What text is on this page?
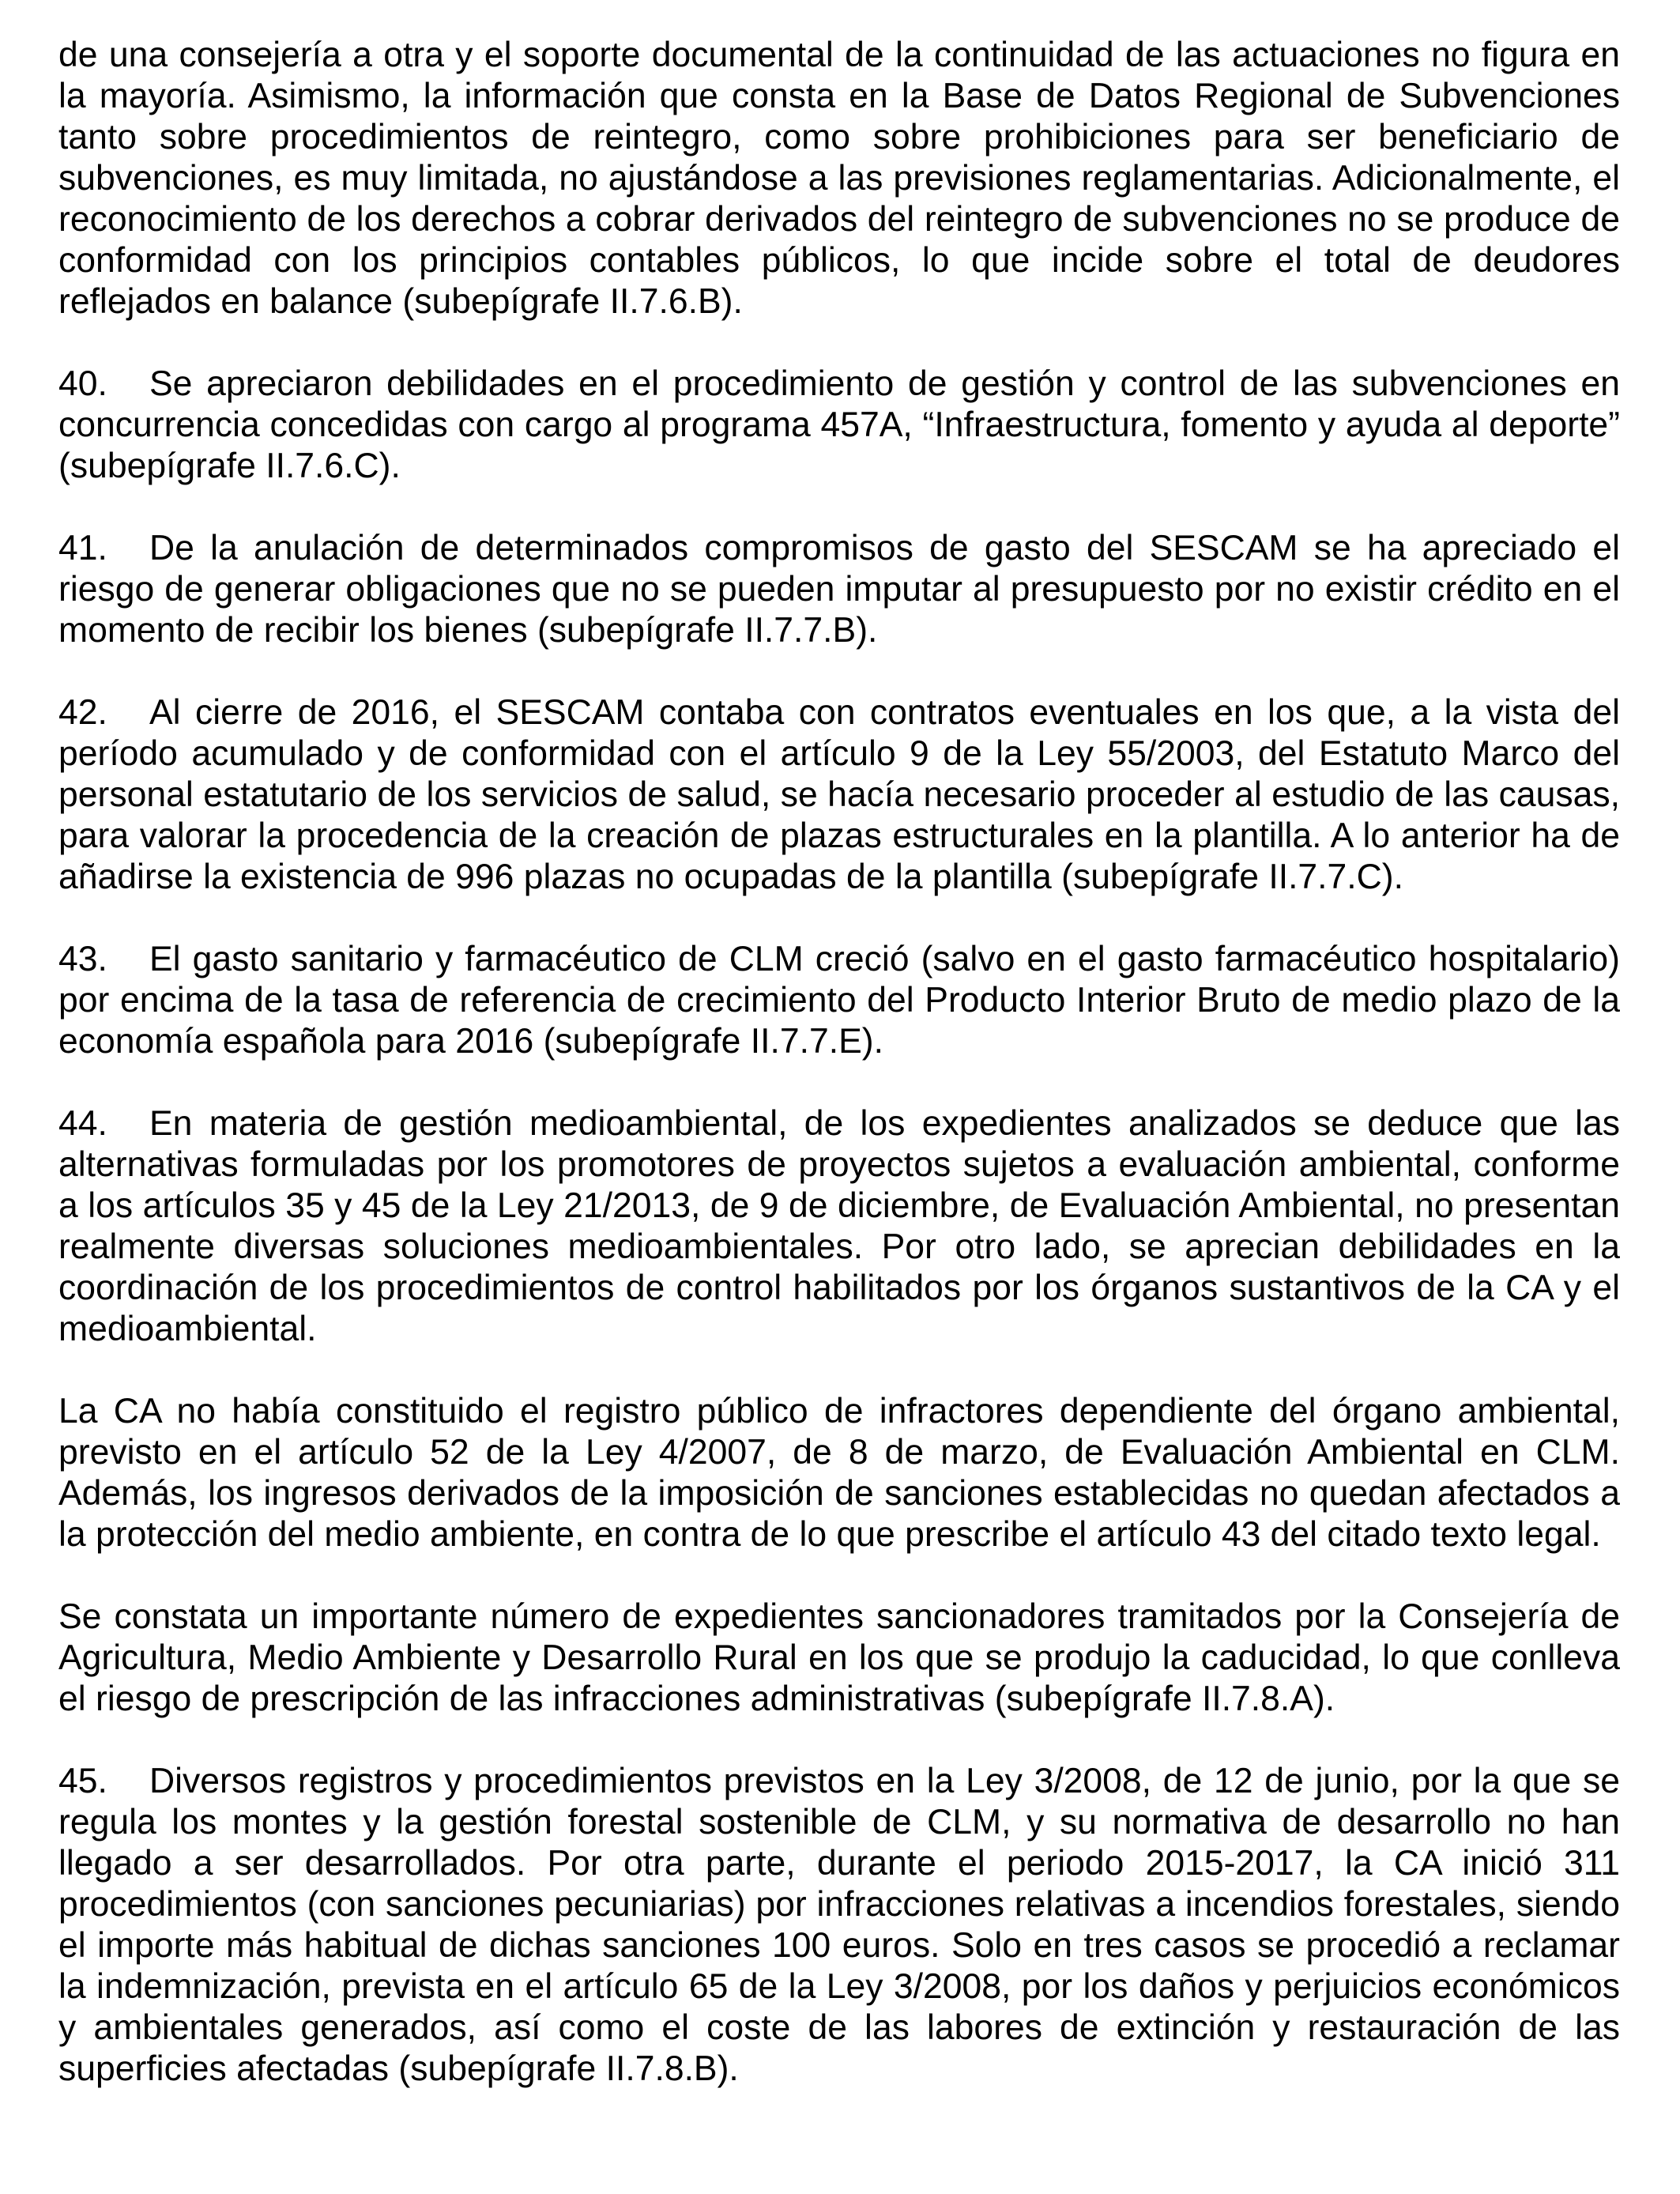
de una consejería a otra y el soporte documental de la continuidad de las actuaciones no figura en la mayoría. Asimismo, la información que consta en la Base de Datos Regional de Subvenciones tanto sobre procedimientos de reintegro, como sobre prohibiciones para ser beneficiario de subvenciones, es muy limitada, no ajustándose a las previsiones reglamentarias. Adicionalmente, el reconocimiento de los derechos a cobrar derivados del reintegro de subvenciones no se produce de conformidad con los principios contables públicos, lo que incide sobre el total de deudores reflejados en balance (subepígrafe II.7.6.B).

40. Se apreciaron debilidades en el procedimiento de gestión y control de las subvenciones en concurrencia concedidas con cargo al programa 457A, “Infraestructura, fomento y ayuda al deporte” (subepígrafe II.7.6.C).

41. De la anulación de determinados compromisos de gasto del SESCAM se ha apreciado el riesgo de generar obligaciones que no se pueden imputar al presupuesto por no existir crédito en el momento de recibir los bienes (subepígrafe II.7.7.B).

42. Al cierre de 2016, el SESCAM contaba con contratos eventuales en los que, a la vista del período acumulado y de conformidad con el artículo 9 de la Ley 55/2003, del Estatuto Marco del personal estatutario de los servicios de salud, se hacía necesario proceder al estudio de las causas, para valorar la procedencia de la creación de plazas estructurales en la plantilla. A lo anterior ha de añadirse la existencia de 996 plazas no ocupadas de la plantilla (subepígrafe II.7.7.C).

43. El gasto sanitario y farmacéutico de CLM creció (salvo en el gasto farmacéutico hospitalario) por encima de la tasa de referencia de crecimiento del Producto Interior Bruto de medio plazo de la economía española para 2016 (subepígrafe II.7.7.E).

44. En materia de gestión medioambiental, de los expedientes analizados se deduce que las alternativas formuladas por los promotores de proyectos sujetos a evaluación ambiental, conforme a los artículos 35 y 45 de la Ley 21/2013, de 9 de diciembre, de Evaluación Ambiental, no presentan realmente diversas soluciones medioambientales. Por otro lado, se aprecian debilidades en la coordinación de los procedimientos de control habilitados por los órganos sustantivos de la CA y el medioambiental.

La CA no había constituido el registro público de infractores dependiente del órgano ambiental, previsto en el artículo 52 de la Ley 4/2007, de 8 de marzo, de Evaluación Ambiental en CLM. Además, los ingresos derivados de la imposición de sanciones establecidas no quedan afectados a la protección del medio ambiente, en contra de lo que prescribe el artículo 43 del citado texto legal.

Se constata un importante número de expedientes sancionadores tramitados por la Consejería de Agricultura, Medio Ambiente y Desarrollo Rural en los que se produjo la caducidad, lo que conlleva el riesgo de prescripción de las infracciones administrativas (subepígrafe II.7.8.A).

45. Diversos registros y procedimientos previstos en la Ley 3/2008, de 12 de junio, por la que se regula los montes y la gestión forestal sostenible de CLM, y su normativa de desarrollo no han llegado a ser desarrollados. Por otra parte, durante el periodo 2015-2017, la CA inició 311 procedimientos (con sanciones pecuniarias) por infracciones relativas a incendios forestales, siendo el importe más habitual de dichas sanciones 100 euros. Solo en tres casos se procedió a reclamar la indemnización, prevista en el artículo 65 de la Ley 3/2008, por los daños y perjuicios económicos y ambientales generados, así como el coste de las labores de extinción y restauración de las superficies afectadas (subepígrafe II.7.8.B).
